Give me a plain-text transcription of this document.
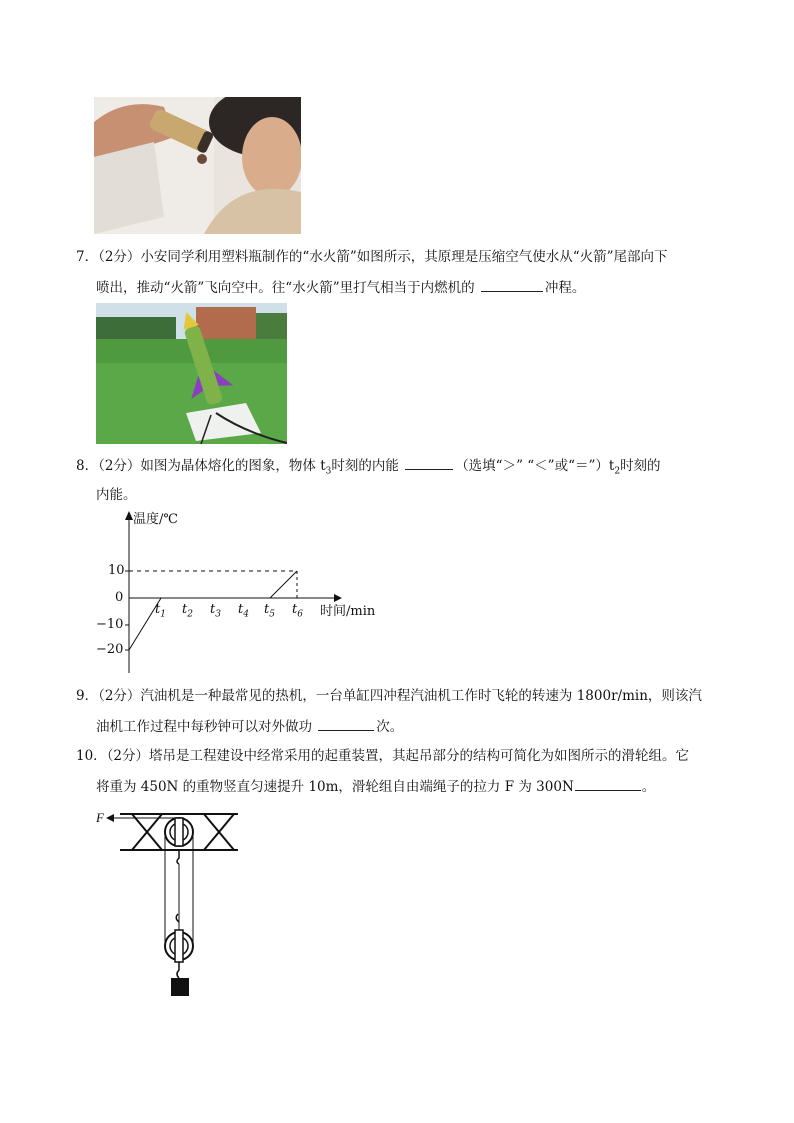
7．（2分）小安同学利用塑料瓶制作的“水火箭”如图所示，其原理是压缩空气使水从“火箭”尾部向下
喷出，推动“火箭”飞向空中。往“水火箭”里打气相当于内燃机的	冲程。
8．（2分）如图为晶体熔化的图象，物体 $t_3$时刻的内能	（选填“＞” “＜”或“$=”)t_2$时刻的
内能。
温度/℃
时间/min
10
0
−10
−20
$t_1$ $t_2$ $t_3$ $t_4$ $t_5$ $t_6$
9．（2分）汽油机是一种最常见的热机，一台单缸四冲程汽油机工作时飞轮的转速为 1800r/min，则该汽
油机工作过程中每秒钟可以对外做功	次。
10．（2分）塔吊是工程建设中经常采用的起重装置，其起吊部分的结构可简化为如图所示的滑轮组。它
将重为 450N 的重物竖直匀速提升 10m，滑轮组自由端绳子的拉力 F 为 300N	。
F
